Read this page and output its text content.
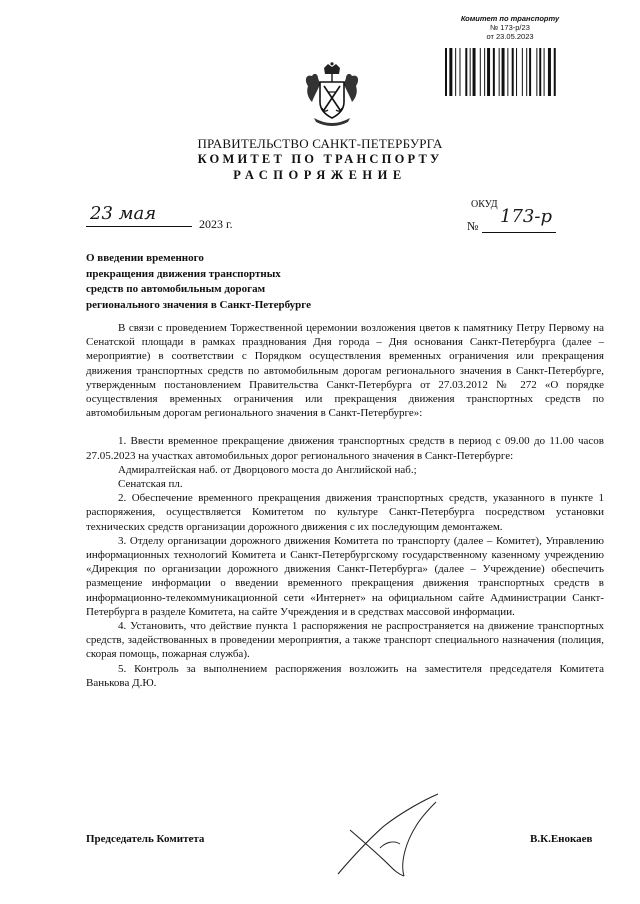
Комитет по транспорту
№ 173-р/23
от 23.05.2023
ПРАВИТЕЛЬСТВО САНКТ-ПЕТЕРБУРГА
КОМИТЕТ ПО ТРАНСПОРТУ
РАСПОРЯЖЕНИЕ
ОКУД
23 мая	2023 г.	№ 173-р
О введении временного
прекращения движения транспортных
средств по автомобильным дорогам
регионального значения в Санкт-Петербурге

В связи с проведением Торжественной церемонии возложения цветов к памятнику Петру Первому на Сенатской площади в рамках празднования Дня города – Дня основания Санкт-Петербурга (далее – мероприятие) в соответствии с Порядком осуществления временных ограничения или прекращения движения транспортных средств по автомобильным дорогам регионального значения в Санкт-Петербурге, утвержденным постановлением Правительства Санкт-Петербурга от 27.03.2012 № 272 «О порядке осуществления временных ограничения или прекращения движения транспортных средств по автомобильным дорогам регионального значения в Санкт-Петербурге»:

1. Ввести временное прекращение движения транспортных средств в период с 09.00 до 11.00 часов 27.05.2023 на участках автомобильных дорог регионального значения в Санкт-Петербурге:

Адмиралтейская наб. от Дворцового моста до Английской наб.;

Сенатская пл.

2. Обеспечение временного прекращения движения транспортных средств, указанного в пункте 1 распоряжения, осуществляется Комитетом по культуре Санкт-Петербурга посредством установки технических средств организации дорожного движения с их последующим демонтажем.

3. Отделу организации дорожного движения Комитета по транспорту (далее – Комитет), Управлению информационных технологий Комитета и Санкт-Петербургскому государственному казенному учреждению «Дирекция по организации дорожного движения Санкт-Петербурга» (далее – Учреждение) обеспечить размещение информации о введении временного прекращения движения транспортных средств в информационно-телекоммуникационной сети «Интернет» на официальном сайте Администрации Санкт-Петербурга в разделе Комитета, на сайте Учреждения и в средствах массовой информации.

4. Установить, что действие пункта 1 распоряжения не распространяется на движение транспортных средств, задействованных в проведении мероприятия, а также транспорт специального назначения (полиция, скорая помощь, пожарная служба).

5. Контроль за выполнением распоряжения возложить на заместителя председателя Комитета Ванькова Д.Ю.

Председатель Комитета	В.К.Енокаев
